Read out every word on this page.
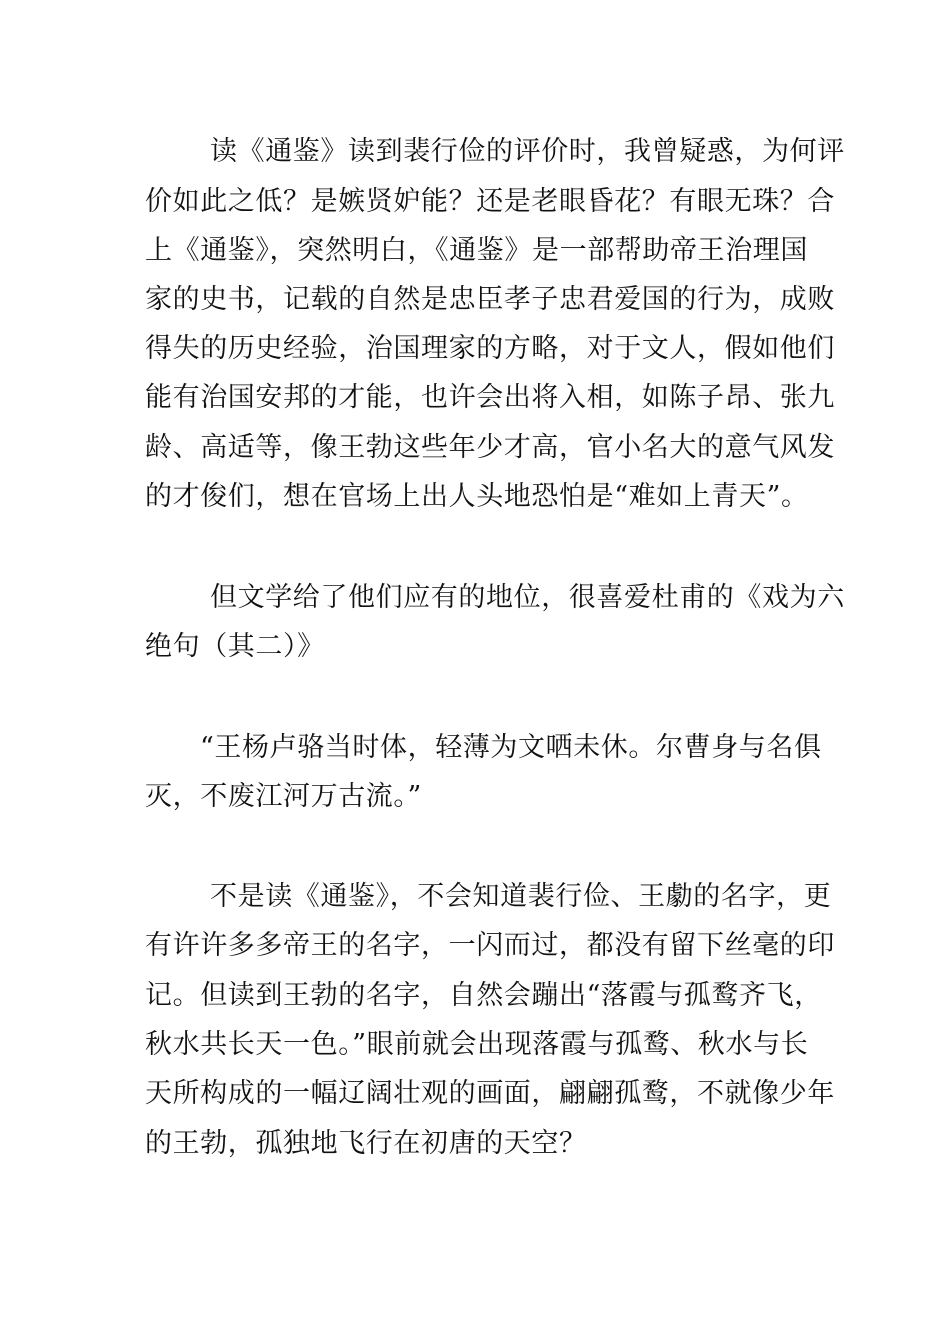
读《通鉴》读到裴行俭的评价时，我曾疑惑，为何评

价如此之低？是嫉贤妒能？还是老眼昏花？有眼无珠？合

上《通鉴》，突然明白，《通鉴》是一部帮助帝王治理国

家的史书，记载的自然是忠臣孝子忠君爱国的行为，成败

得失的历史经验，治国理家的方略，对于文人，假如他们

能有治国安邦的才能，也许会出将入相，如陈子昂、张九

龄、高适等，像王勃这些年少才高，官小名大的意气风发

的才俊们，想在官场上出人头地恐怕是“难如上青天”。

但文学给了他们应有的地位，很喜爱杜甫的《戏为六

绝句（其二）》

“王杨卢骆当时体，轻薄为文哂未休。尔曹身与名俱

灭，不废江河万古流。”

不是读《通鉴》，不会知道裴行俭、王勮的名字，更

有许许多多帝王的名字，一闪而过，都没有留下丝毫的印

记。但读到王勃的名字，自然会蹦出“落霞与孤鹜齐飞，

秋水共长天一色。”眼前就会出现落霞与孤鹜、秋水与长

天所构成的一幅辽阔壮观的画面，翩翩孤鹜，不就像少年

的王勃，孤独地飞行在初唐的天空？
